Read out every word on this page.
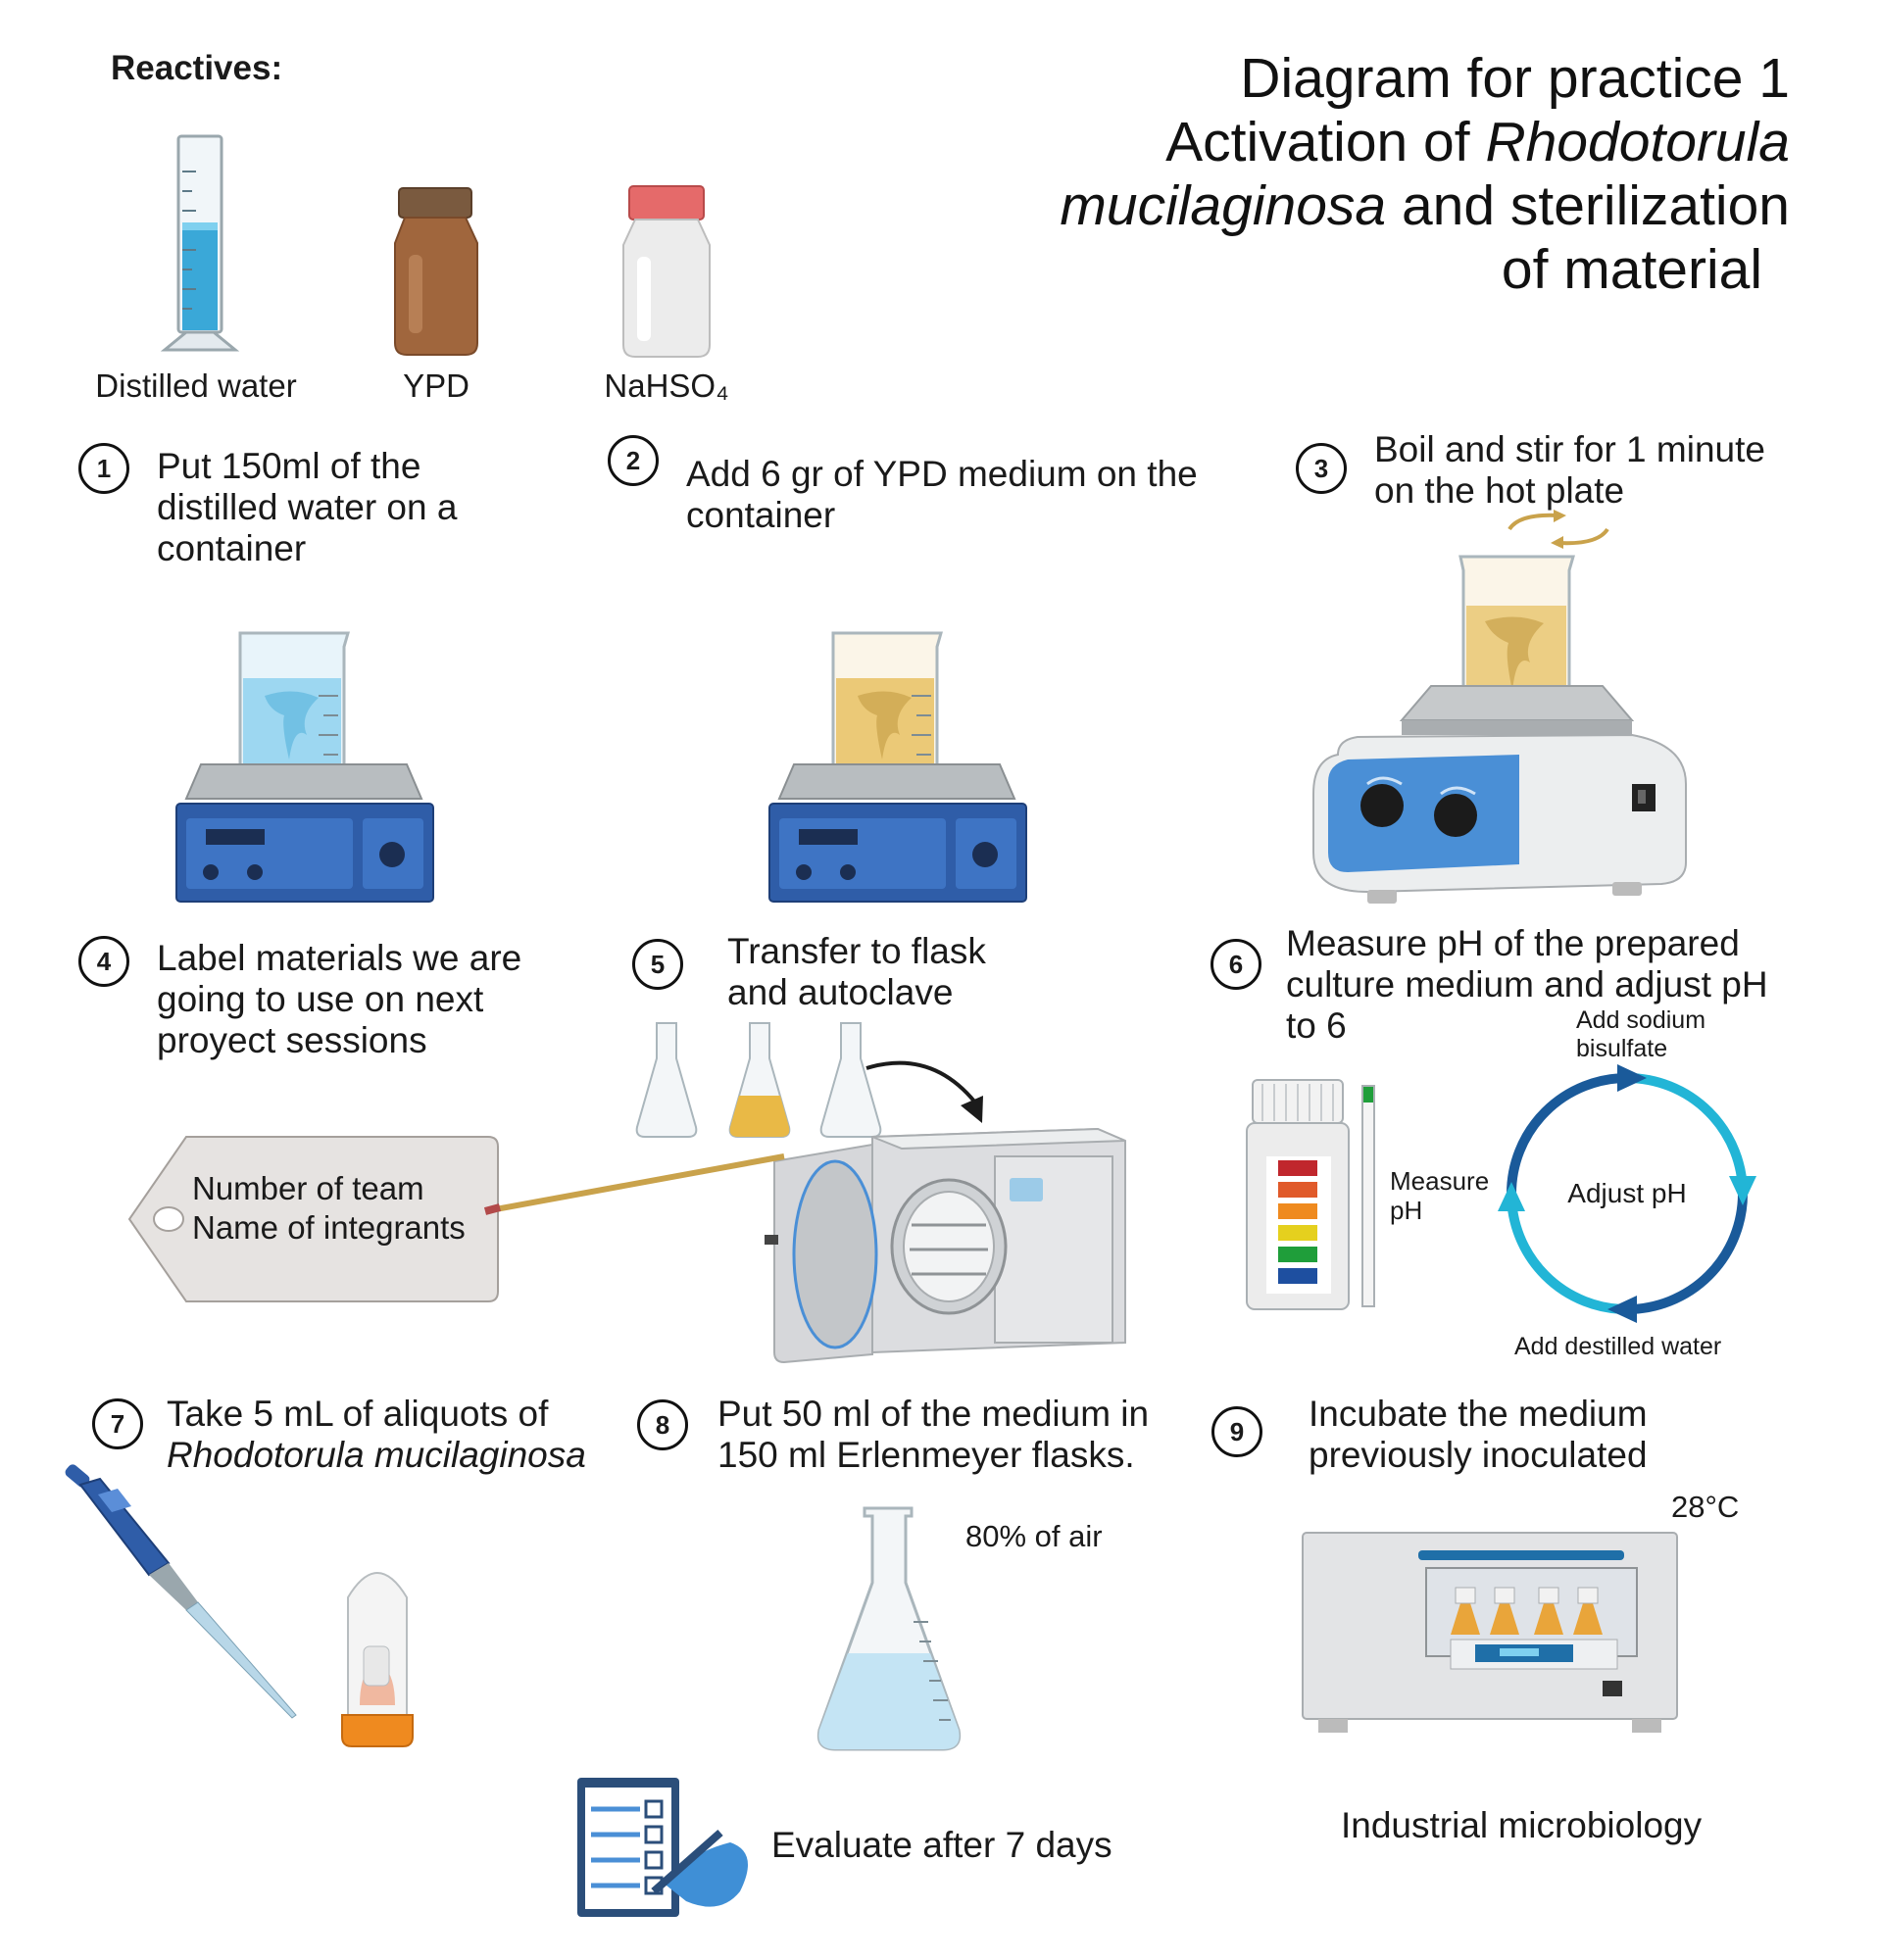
Diagram for practice 1
Activation of Rhodotorula
mucilaginosa and sterilization
of material
Reactives:
Distilled water	YPD	NaHSO₄
1	Put 150ml of the distilled water on a container
2	Add 6 gr of YPD medium on the container
3	Boil and stir for 1 minute on the hot plate
4	Label materials we are going to use on next proyect sessions
Number of team
Name of integrants
5	Transfer to flask and autoclave
6
Measure pH of the prepared culture medium and adjust pH to 6
Measure pH
Adjust pH
Add sodium bisulfate
Add destilled water
7	Take 5 mL of aliquots of
Rhodotorula mucilaginosa
8	Put 50 ml of the medium in 150 ml Erlenmeyer flasks.
80% of air
Evaluate after 7 days
9	Incubate the medium previously inoculated
28°C
Industrial microbiology
